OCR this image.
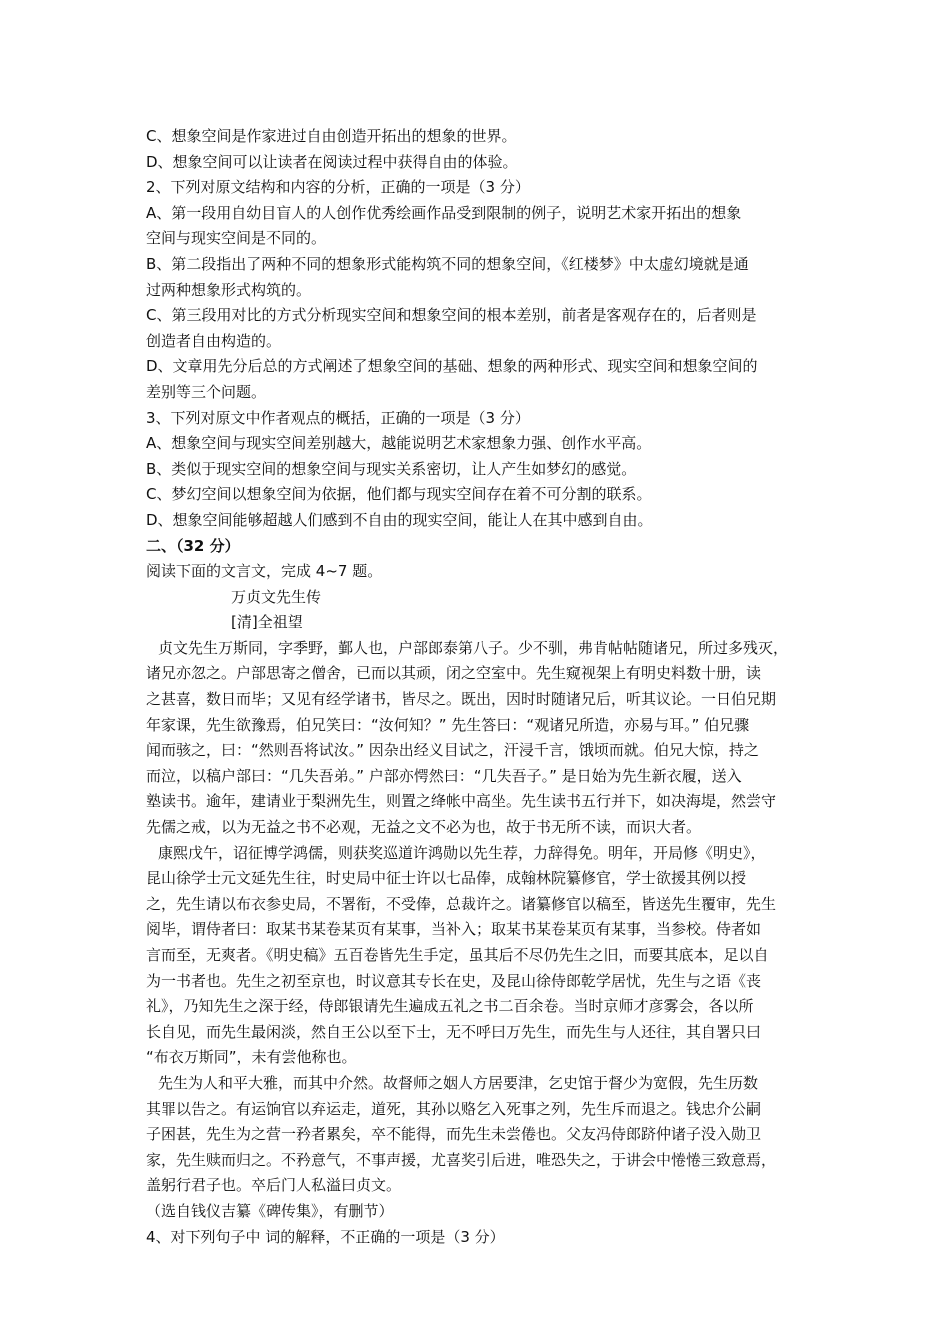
C、想象空间是作家进过自由创造开拓出的想象的世界。
D、想象空间可以让读者在阅读过程中获得自由的体验。
2、下列对原文结构和内容的分析，正确的一项是（3 分）
A、第一段用自幼目盲人的人创作优秀绘画作品受到限制的例子，说明艺术家开拓出的想象
空间与现实空间是不同的。
B、第二段指出了两种不同的想象形式能构筑不同的想象空间，《红楼梦》中太虚幻境就是通
过两种想象形式构筑的。
C、第三段用对比的方式分析现实空间和想象空间的根本差别，前者是客观存在的，后者则是
创造者自由构造的。
D、文章用先分后总的方式阐述了想象空间的基础、想象的两种形式、现实空间和想象空间的
差别等三个问题。
3、下列对原文中作者观点的概括，正确的一项是（3 分）
A、想象空间与现实空间差别越大，越能说明艺术家想象力强、创作水平高。
B、类似于现实空间的想象空间与现实关系密切，让人产生如梦幻的感觉。
C、梦幻空间以想象空间为依据，他们都与现实空间存在着不可分割的联系。
D、想象空间能够超越人们感到不自由的现实空间，能让人在其中感到自由。
二、（32 分）
阅读下面的文言文，完成 4~7 题。
万贞文先生传
[清]全祖望
贞文先生万斯同，字季野，鄞人也，户部郎泰第八子。少不驯，弗肯帖帖随诸兄，所过多残灭，
诸兄亦忽之。户部思寄之僧舍，已而以其顽，闭之空室中。先生窥视架上有明史料数十册，读
之甚喜，数日而毕；又见有经学诸书，皆尽之。既出，因时时随诸兄后，听其议论。一日伯兄期
年家课，先生欲豫焉，伯兄笑曰：“汝何知？” 先生答曰：“观诸兄所造，亦易与耳。” 伯兄骤
闻而骇之，曰：“然则吾将试汝。” 因杂出经义目试之，汗浸千言，饿顷而就。伯兄大惊，持之
而泣，以稿户部曰：“几失吾弟。” 户部亦愕然曰：“几失吾子。” 是日始为先生新衣履，送入
塾读书。逾年，建请业于梨洲先生，则置之绛帐中高坐。先生读书五行并下，如决海堤，然尝守
先儒之戒，以为无益之书不必观，无益之文不必为也，故于书无所不读，而识大者。
康熙戊午，诏征博学鸿儒，则获奖巡道许鸿勋以先生荐，力辞得免。明年，开局修《明史》，
昆山徐学士元文延先生往，时史局中征士许以七品俸，成翰林院纂修官，学士欲援其例以授
之，先生请以布衣参史局，不署衔，不受俸，总裁许之。诸纂修官以稿至，皆送先生覆审，先生
阅毕，谓侍者曰：取某书某卷某页有某事，当补入；取某书某卷某页有某事，当参校。侍者如
言而至，无爽者。《明史稿》五百卷皆先生手定，虽其后不尽仍先生之旧，而要其底本，足以自
为一书者也。先生之初至京也，时议意其专长在史，及昆山徐侍郎乾学居忧，先生与之语《丧
礼》，乃知先生之深于经，侍郎银请先生遍成五礼之书二百余卷。当时京师才彦雾会，各以所
长自见，而先生最闲淡，然自王公以至下士，无不呼曰万先生，而先生与人还往，其自署只曰
“布衣万斯同”，未有尝他称也。
先生为人和平大雅，而其中介然。故督师之姻人方居要津，乞史馆于督少为宽假，先生历数
其罪以告之。有运饷官以弃运走，道死，其孙以赂乞入死事之列，先生斥而退之。钱忠介公嗣
子困甚，先生为之营一矜者累矣，卒不能得，而先生未尝倦也。父友冯侍郎跻仲诸子没入勋卫
家，先生赎而归之。不矜意气，不事声援，尤喜奖引后进，唯恐失之，于讲会中惓惓三致意焉，
盖躬行君子也。卒后门人私溢曰贞文。
（选自钱仪吉纂《碑传集》，有删节）
4、对下列句子中 词的解释，不正确的一项是（3 分）
